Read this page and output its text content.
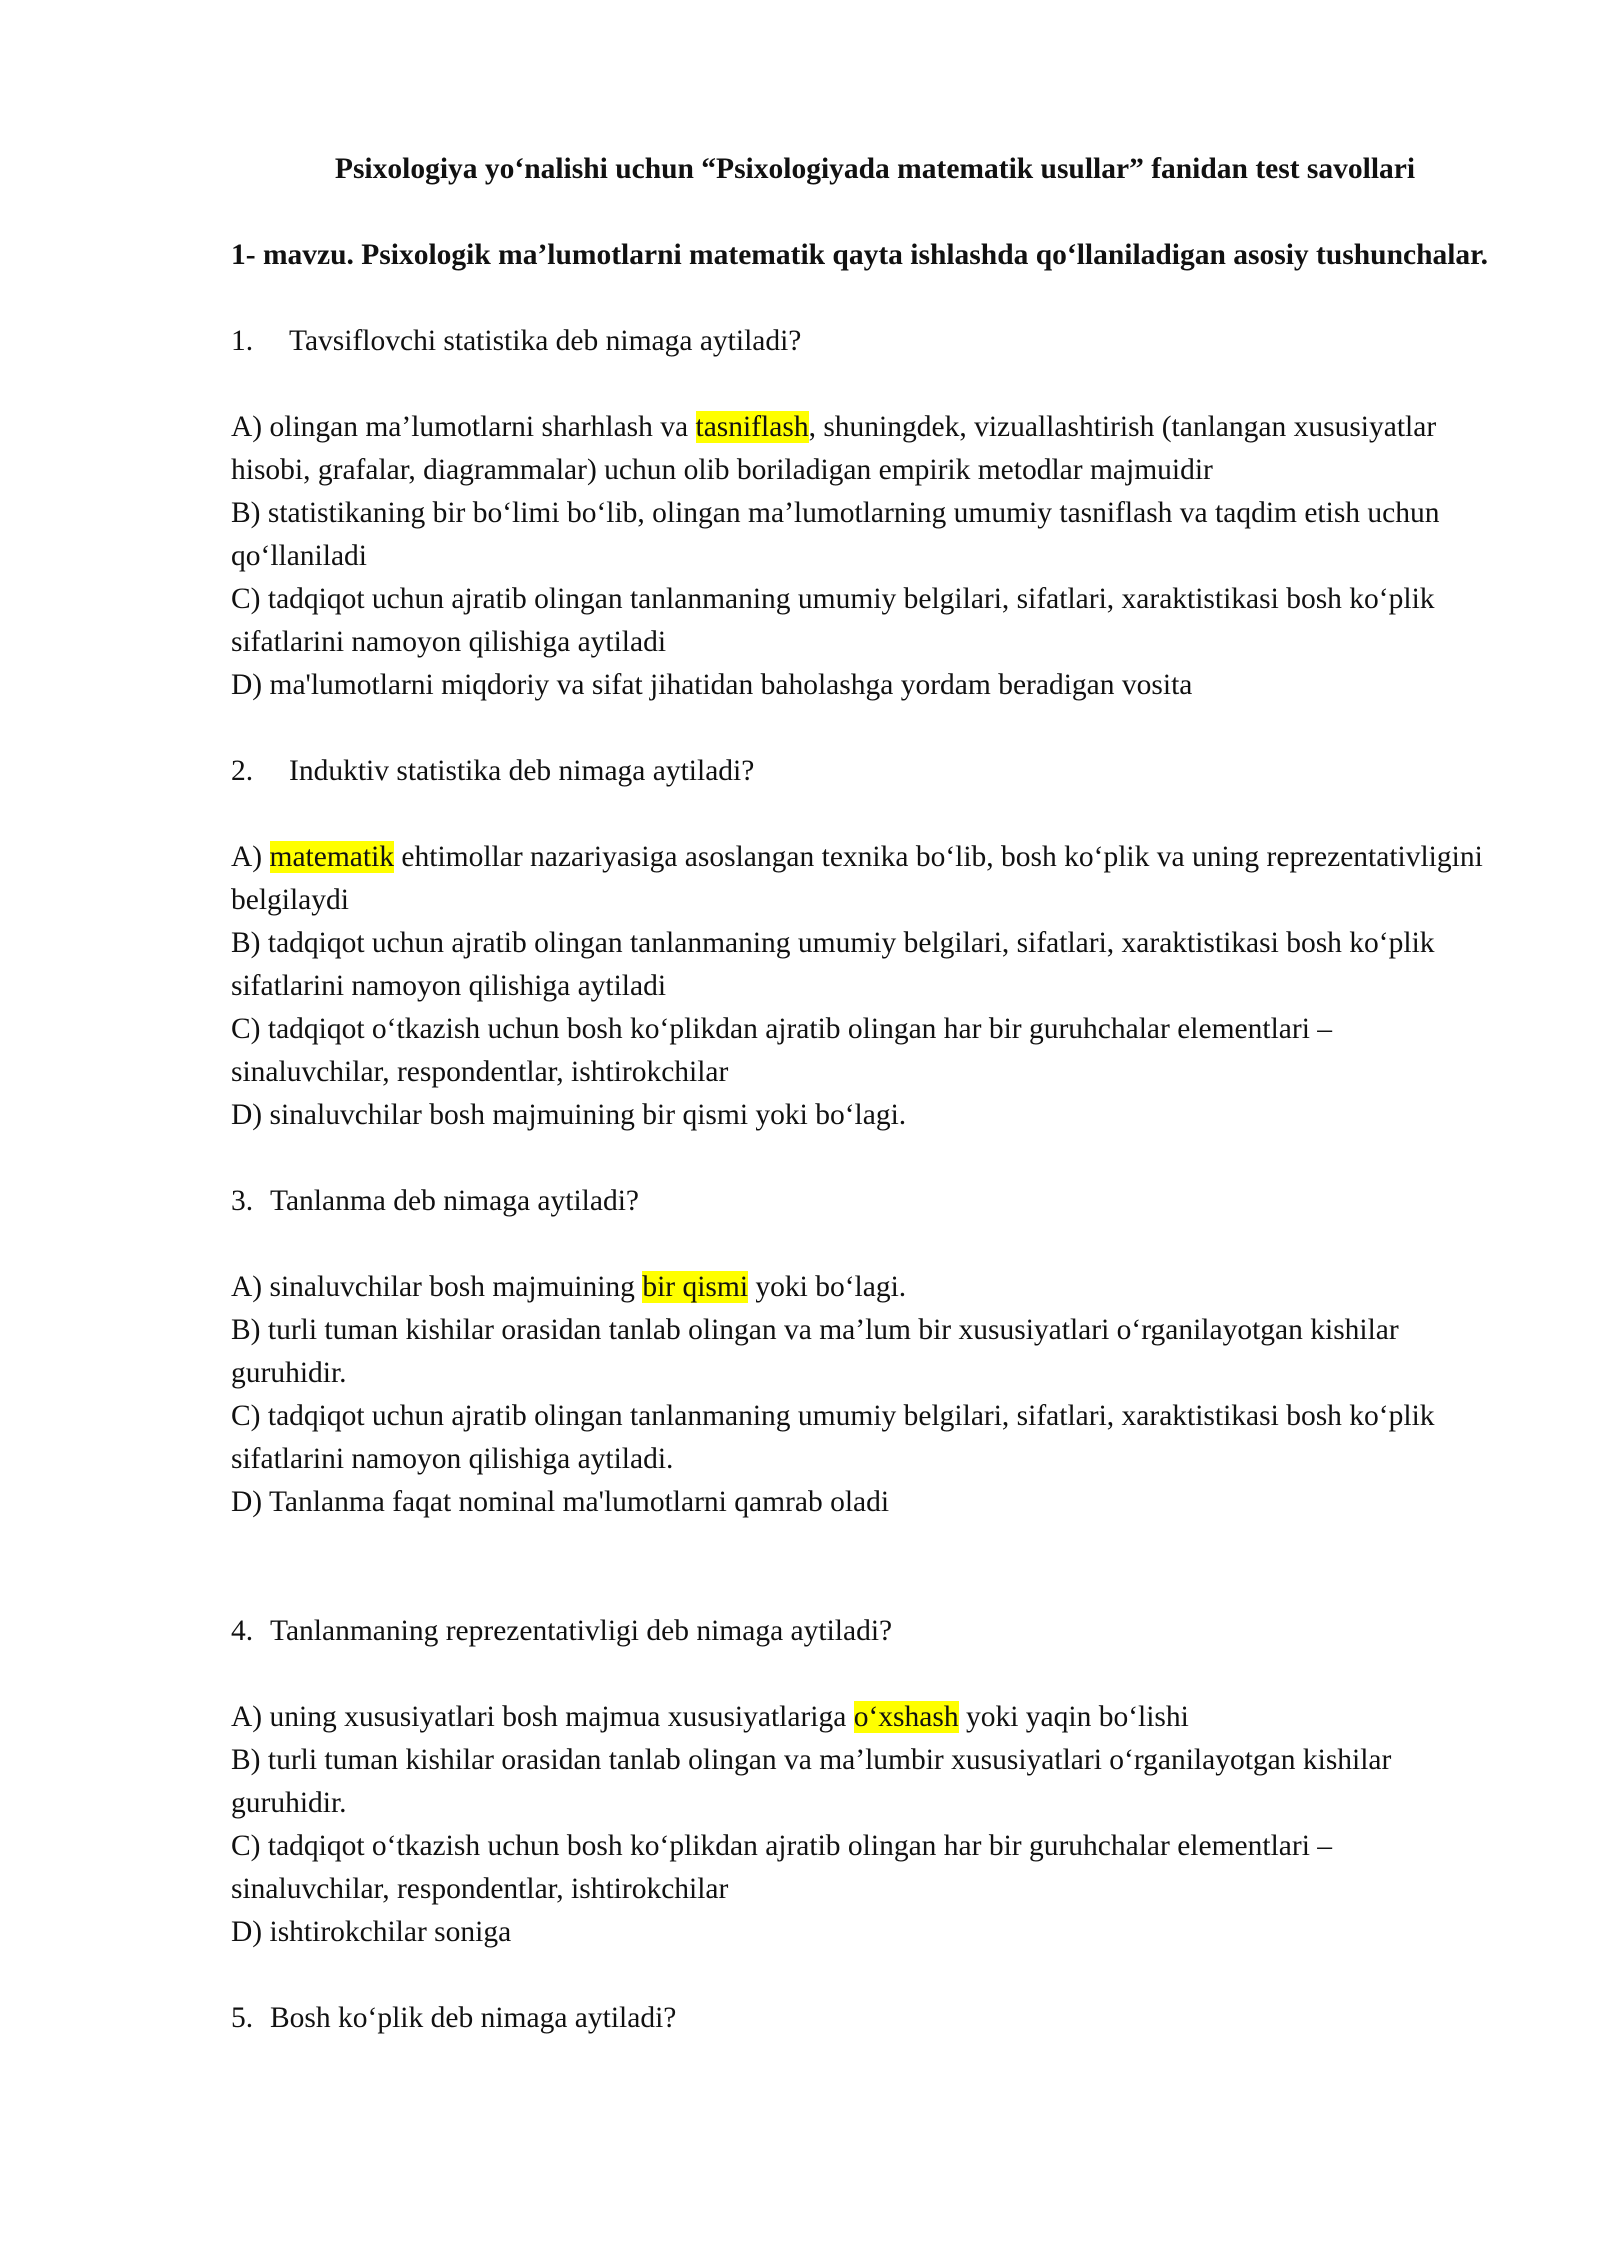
Psixologiya yo‘nalishi uchun “Psixologiyada matematik usullar” fanidan test savollari
1- mavzu. Psixologik ma’lumotlarni matematik qayta ishlashda qo‘llaniladigan asosiy tushunchalar.
1. Tavsiflovchi statistika deb nimaga aytiladi?
A) olingan ma’lumotlarni sharhlash va tasniflash, shuningdek, vizuallashtirish (tanlangan xususiyatlar hisobi, grafalar, diagrammalar) uchun olib boriladigan empirik metodlar majmuidir
B) statistikaning bir bo‘limi bo‘lib, olingan ma’lumotlarning umumiy tasniflash va taqdim etish uchun qo‘llaniladi
C) tadqiqot uchun ajratib olingan tanlanmaning umumiy belgilari, sifatlari, xaraktistikasi bosh ko‘plik sifatlarini namoyon qilishiga aytiladi
D) ma'lumotlarni miqdoriy va sifat jihatidan baholashga yordam beradigan vosita
2. Induktiv statistika deb nimaga aytiladi?
A) matematik ehtimollar nazariyasiga asoslangan texnika bo‘lib, bosh ko‘plik va uning reprezentativligini belgilaydi
B) tadqiqot uchun ajratib olingan tanlanmaning umumiy belgilari, sifatlari, xaraktistikasi bosh ko‘plik sifatlarini namoyon qilishiga aytiladi
C) tadqiqot o‘tkazish uchun bosh ko‘plikdan ajratib olingan har bir guruhchalar elementlari – sinaluvchilar, respondentlar, ishtirokchilar
D) sinaluvchilar bosh majmuining bir qismi yoki bo‘lagi.
3. Tanlanma deb nimaga aytiladi?
A) sinaluvchilar bosh majmuining bir qismi yoki bo‘lagi.
B) turli tuman kishilar orasidan tanlab olingan va ma’lum bir xususiyatlari o‘rganilayotgan kishilar guruhidir.
C) tadqiqot uchun ajratib olingan tanlanmaning umumiy belgilari, sifatlari, xaraktistikasi bosh ko‘plik sifatlarini namoyon qilishiga aytiladi.
D) Tanlanma faqat nominal ma'lumotlarni qamrab oladi
4. Tanlanmaning reprezentativligi deb nimaga aytiladi?
A) uning xususiyatlari bosh majmua xususiyatlariga o‘xshash yoki yaqin bo‘lishi
B) turli tuman kishilar orasidan tanlab olingan va ma’lumbir xususiyatlari o‘rganilayotgan kishilar guruhidir.
C) tadqiqot o‘tkazish uchun bosh ko‘plikdan ajratib olingan har bir guruhchalar elementlari – sinaluvchilar, respondentlar, ishtirokchilar
D) ishtirokchilar soniga
5. Bosh ko‘plik deb nimaga aytiladi?
